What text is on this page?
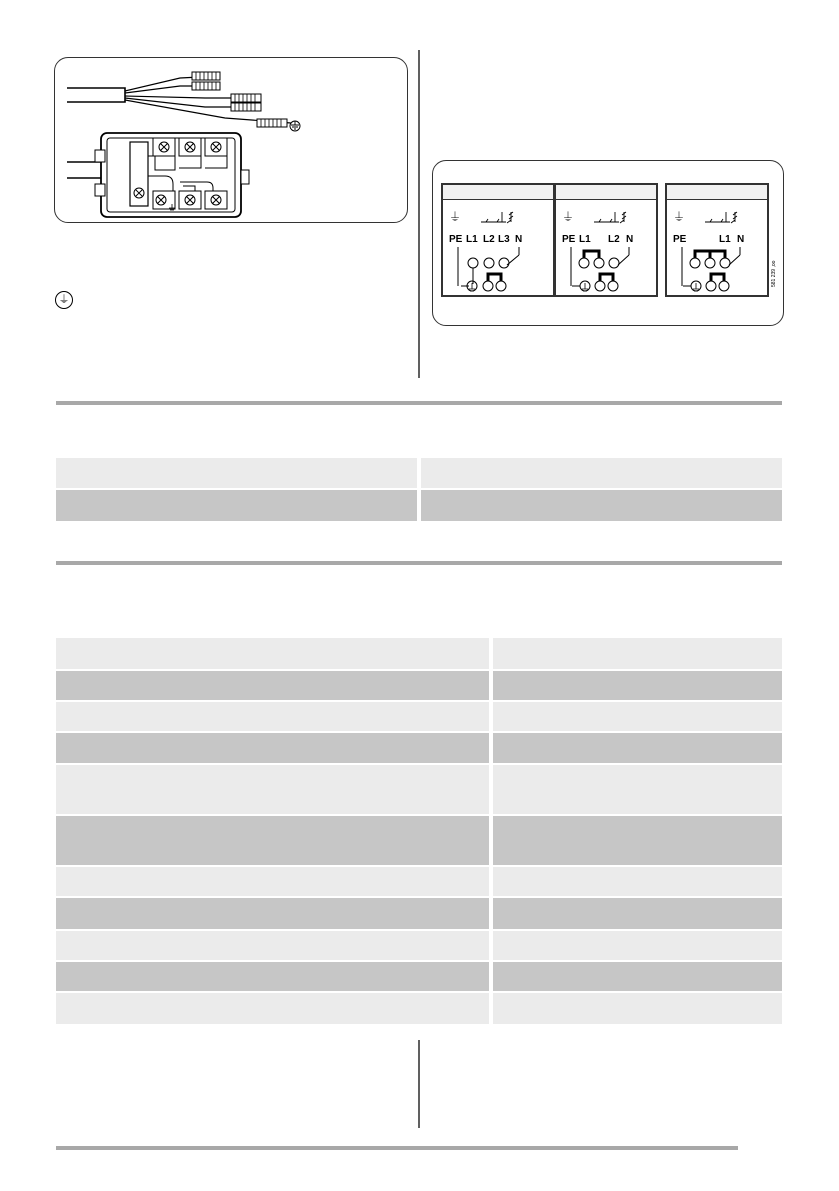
⏚
PE L1 L2 L3 N
⏚
PE L1 L2 N
⏚
PE	L1 N
581 239 ,oo
⏚
